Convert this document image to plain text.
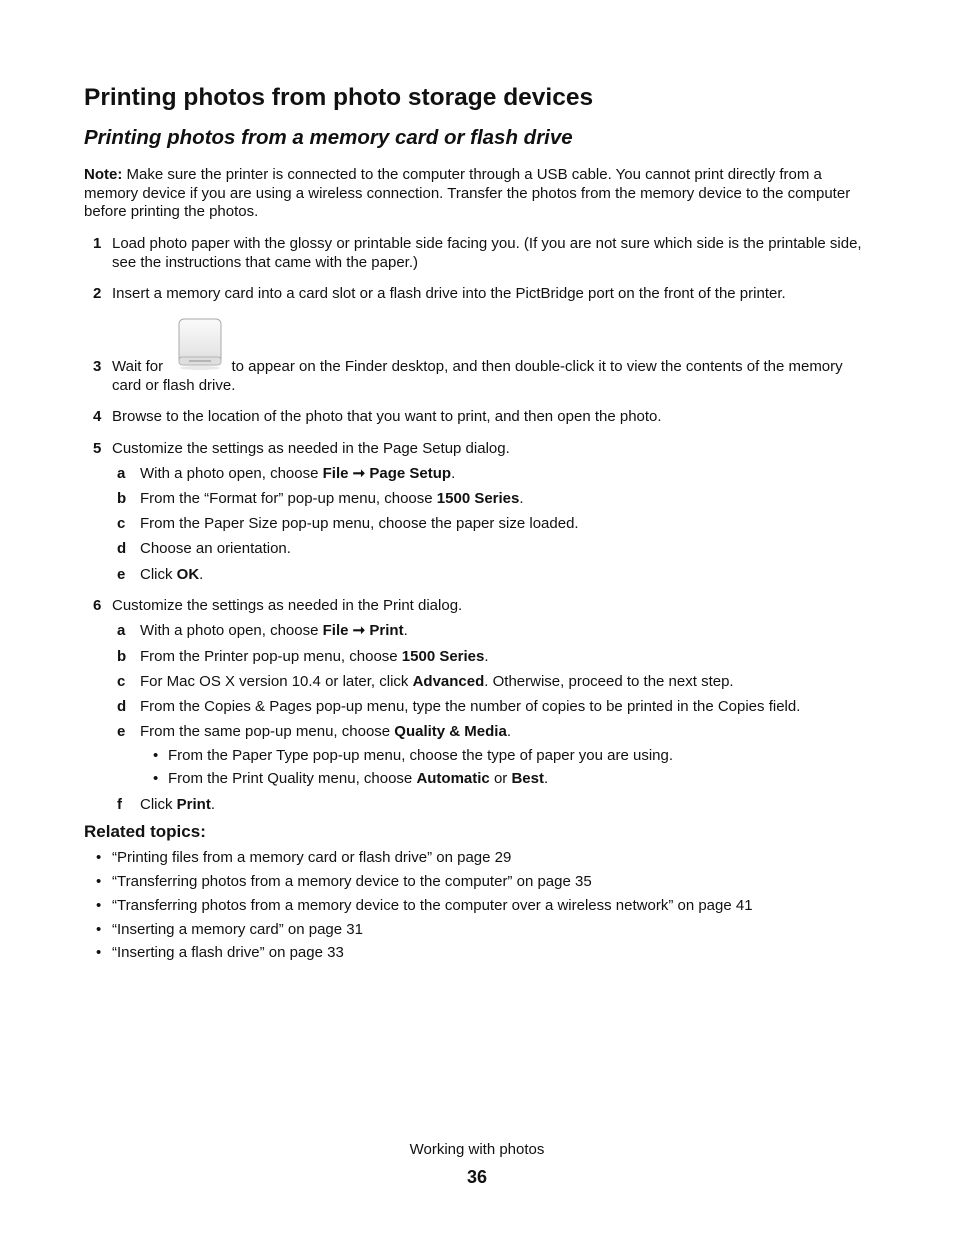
Printing photos from photo storage devices
Printing photos from a memory card or flash drive

Note: Make sure the printer is connected to the computer through a USB cable. You cannot print directly from a memory device if you are using a wireless connection. Transfer the photos from the memory device to the computer before printing the photos.

1 Load photo paper with the glossy or printable side facing you. (If you are not sure which side is the printable side, see the instructions that came with the paper.)
2 Insert a memory card into a card slot or a flash drive into the PictBridge port on the front of the printer.
3 Wait for	to appear on the Finder desktop, and then double-click it to view the contents of the memory card or flash drive.
4 Browse to the location of the photo that you want to print, and then open the photo.
5 Customize the settings as needed in the Page Setup dialog.
a With a photo open, choose File ➞ Page Setup.
b From the “Format for” pop-up menu, choose 1500 Series.
c From the Paper Size pop-up menu, choose the paper size loaded.
d Choose an orientation.
e Click OK.
6 Customize the settings as needed in the Print dialog.
a With a photo open, choose File ➞ Print.
b From the Printer pop-up menu, choose 1500 Series.
c For Mac OS X version 10.4 or later, click Advanced. Otherwise, proceed to the next step.
d From the Copies & Pages pop-up menu, type the number of copies to be printed in the Copies field.
e From the same pop-up menu, choose Quality & Media.
• From the Paper Type pop-up menu, choose the type of paper you are using.
• From the Print Quality menu, choose Automatic or Best.
f Click Print.
Related topics:
• “Printing files from a memory card or flash drive” on page 29
• “Transferring photos from a memory device to the computer” on page 35
• “Transferring photos from a memory device to the computer over a wireless network” on page 41
• “Inserting a memory card” on page 31
• “Inserting a flash drive” on page 33
Working with photos
36
